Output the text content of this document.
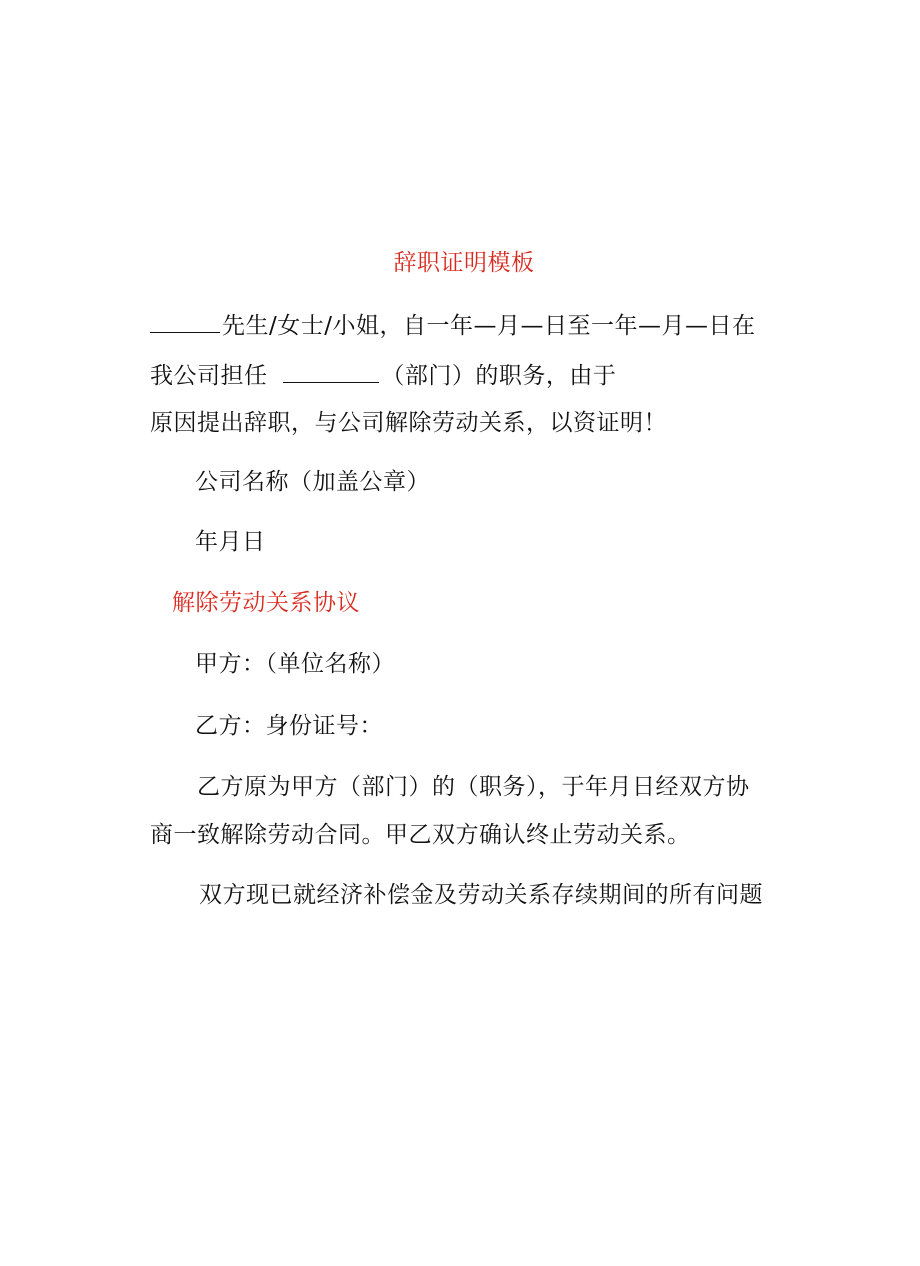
辞职证明模板
先生/女士/小姐，自一年—月—日至一年—月—日在
我公司担任	（部门）的职务，由于
原因提出辞职，与公司解除劳动关系，以资证明！
公司名称（加盖公章）
年月日
解除劳动关系协议
甲方：（单位名称）
乙方：身份证号：
乙方原为甲方（部门）的（职务），于年月日经双方协
商一致解除劳动合同。甲乙双方确认终止劳动关系。
双方现已就经济补偿金及劳动关系存续期间的所有问题
